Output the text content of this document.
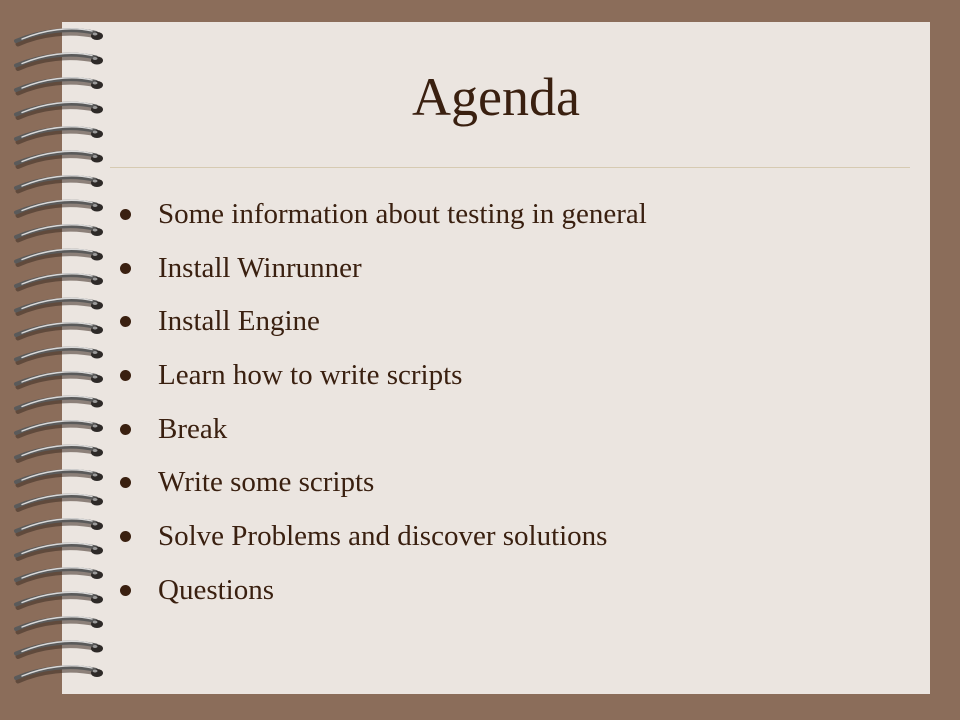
Agenda
Some information about testing in general
Install Winrunner
Install Engine
Learn how to write scripts
Break
Write some scripts
Solve Problems and discover solutions
Questions
